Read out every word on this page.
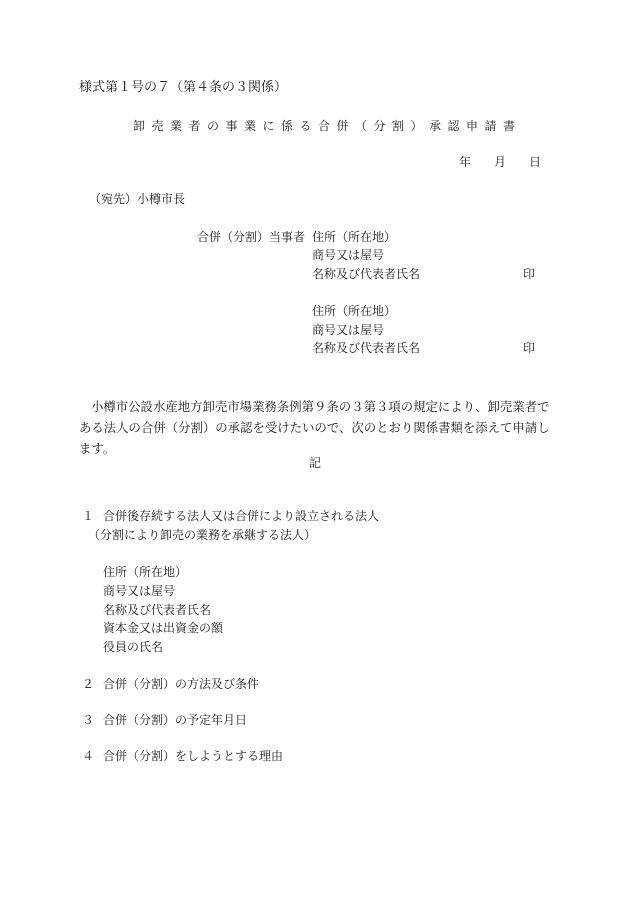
様式第１号の７（第４条の３関係）
卸売業者の事業に係る合併（分割）承認申請書
年 月 日
（宛先）小樽市長
合併（分割）当事者 住所（所在地）
商号又は屋号
名称及び代表者氏名	印
住所（所在地）
商号又は屋号
名称及び代表者氏名	印
小樽市公設水産地方卸売市場業務条例第９条の３第３項の規定により、卸売業者である法人の合併（分割）の承認を受けたいので、次のとおり関係書類を添えて申請します。
記
１ 合併後存続する法人又は合併により設立される法人
（分割により卸売の業務を承継する法人）
住所（所在地）
商号又は屋号
名称及び代表者氏名
資本金又は出資金の額
役員の氏名
２ 合併（分割）の方法及び条件
３ 合併（分割）の予定年月日
４ 合併（分割）をしようとする理由
